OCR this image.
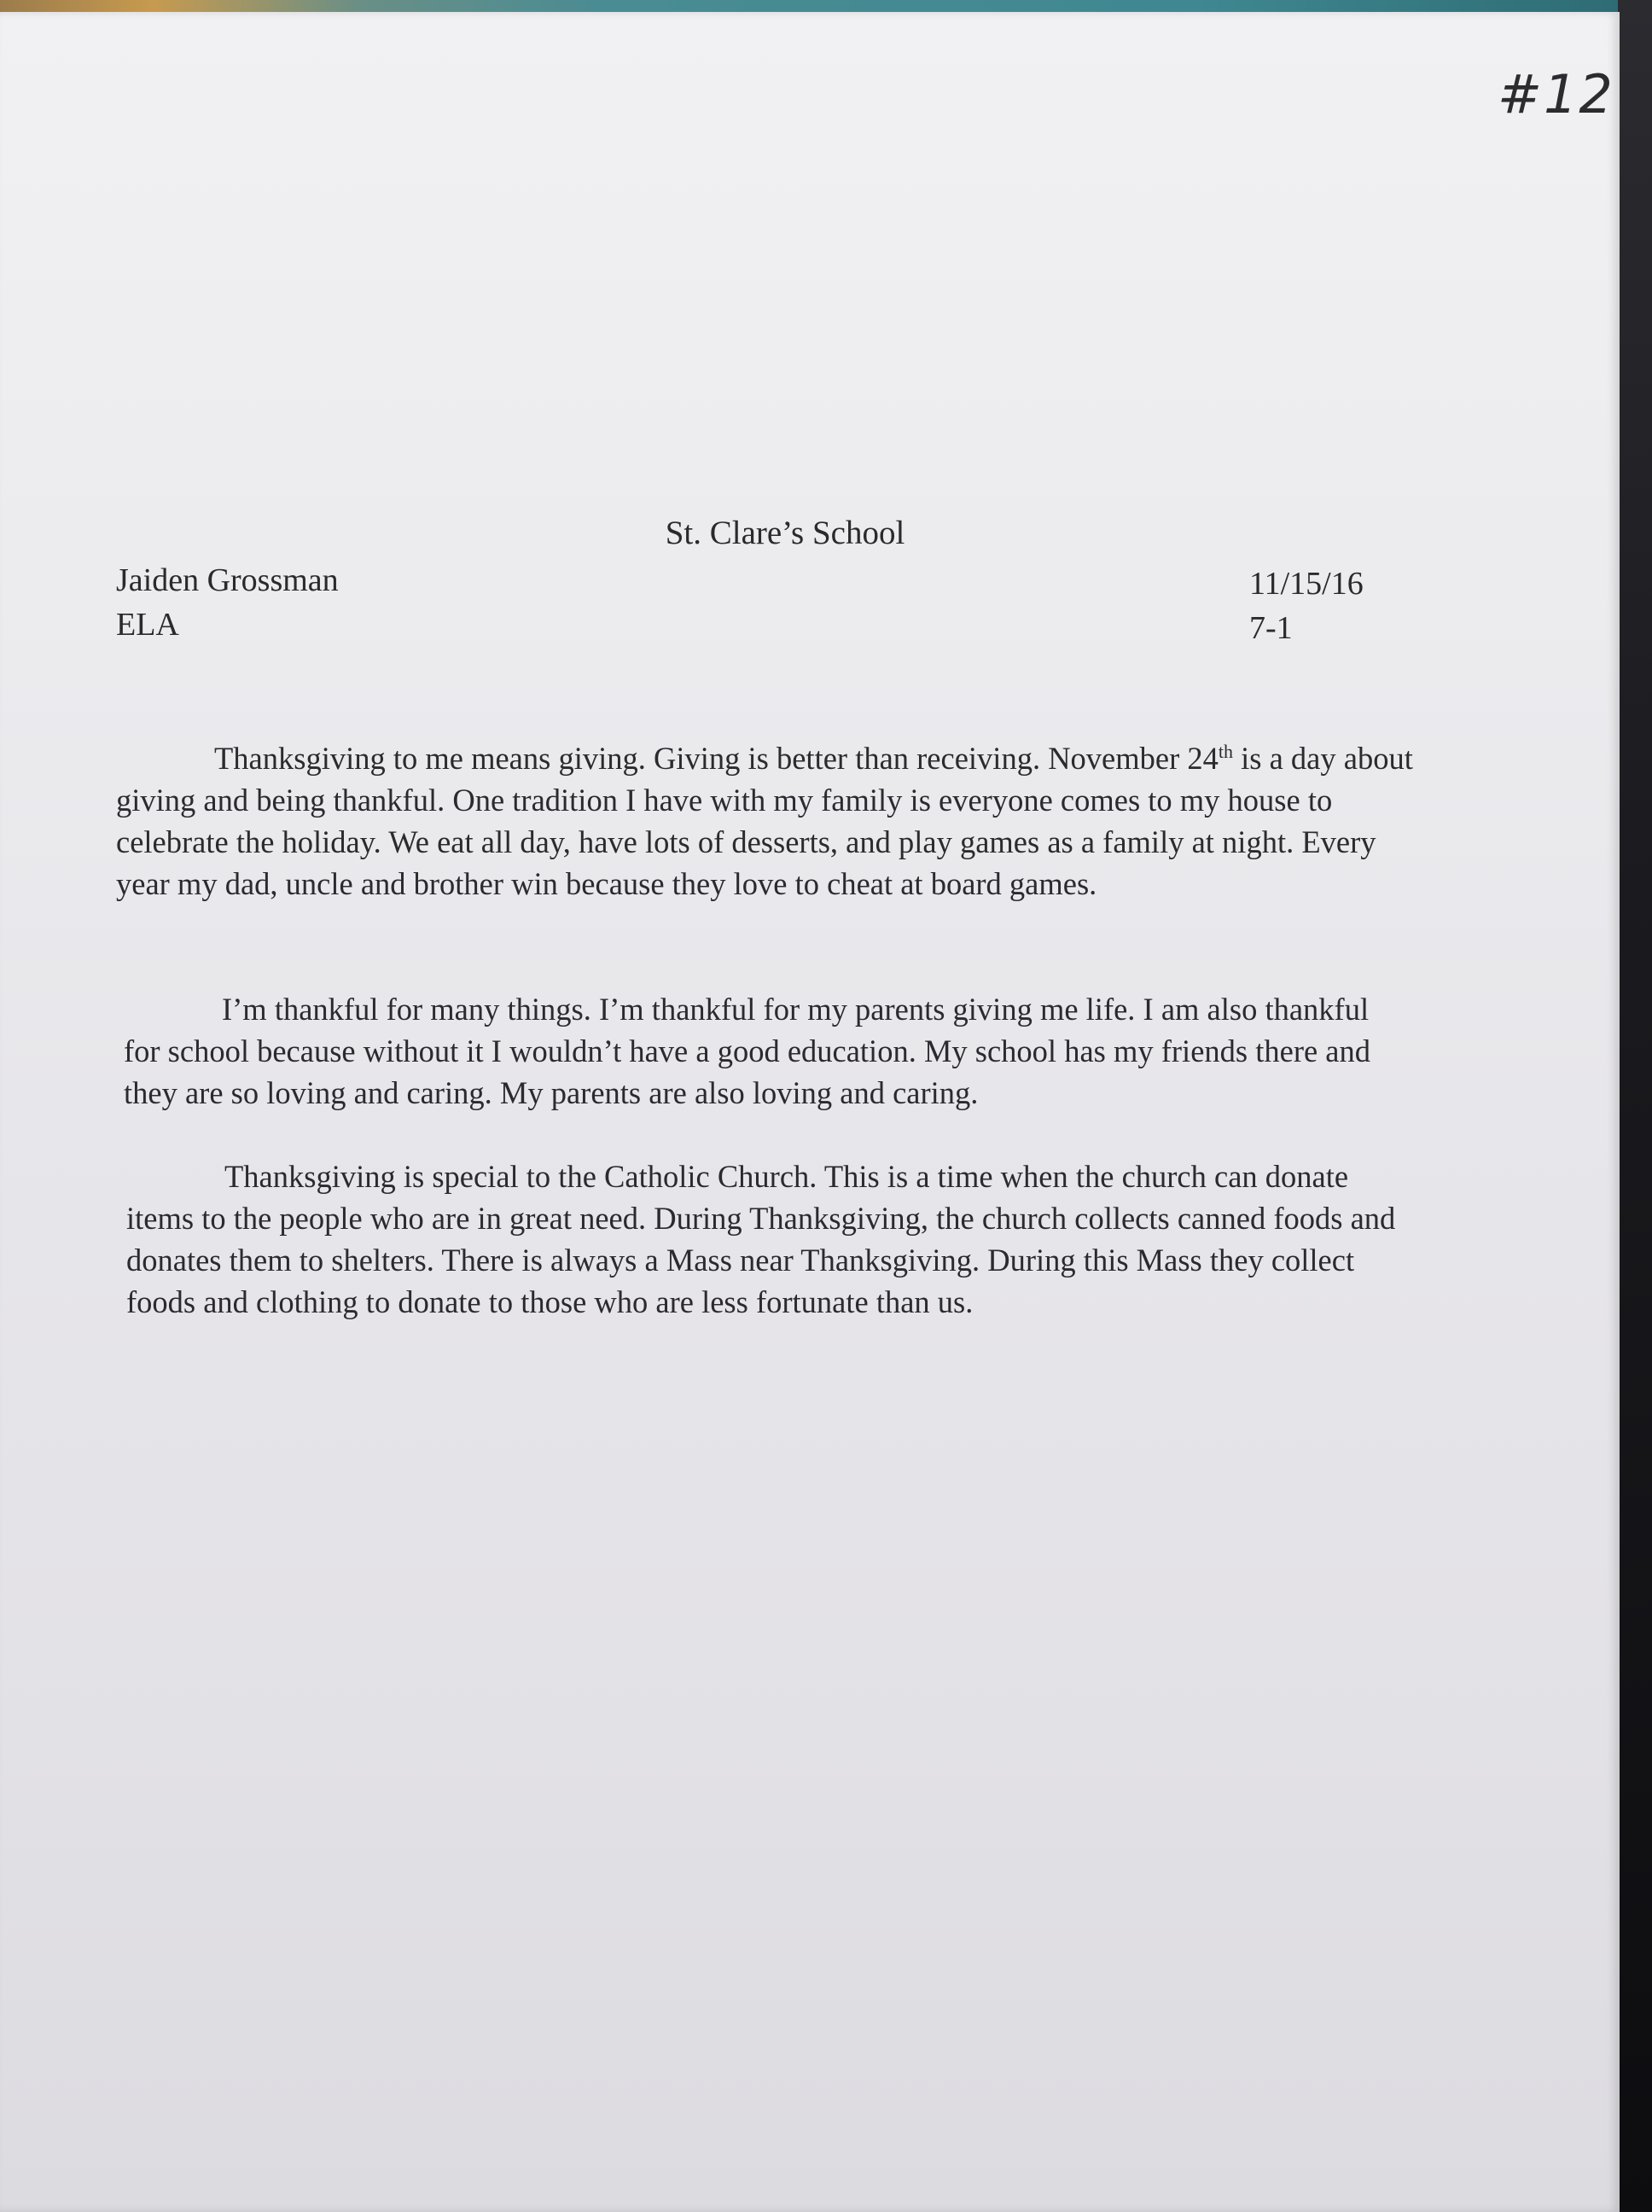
#12
St. Clare’s School
Jaiden Grossman
ELA
11/15/16
7-1

Thanksgiving to me means giving. Giving is better than receiving. November 24th is a day about giving and being thankful. One tradition I have with my family is everyone comes to my house to celebrate the holiday. We eat all day, have lots of desserts, and play games as a family at night. Every year my dad, uncle and brother win because they love to cheat at board games.

I’m thankful for many things. I’m thankful for my parents giving me life. I am also thankful for school because without it I wouldn’t have a good education. My school has my friends there and they are so loving and caring. My parents are also loving and caring.

Thanksgiving is special to the Catholic Church. This is a time when the church can donate items to the people who are in great need. During Thanksgiving, the church collects canned foods and donates them to shelters. There is always a Mass near Thanksgiving. During this Mass they collect foods and clothing to donate to those who are less fortunate than us.
